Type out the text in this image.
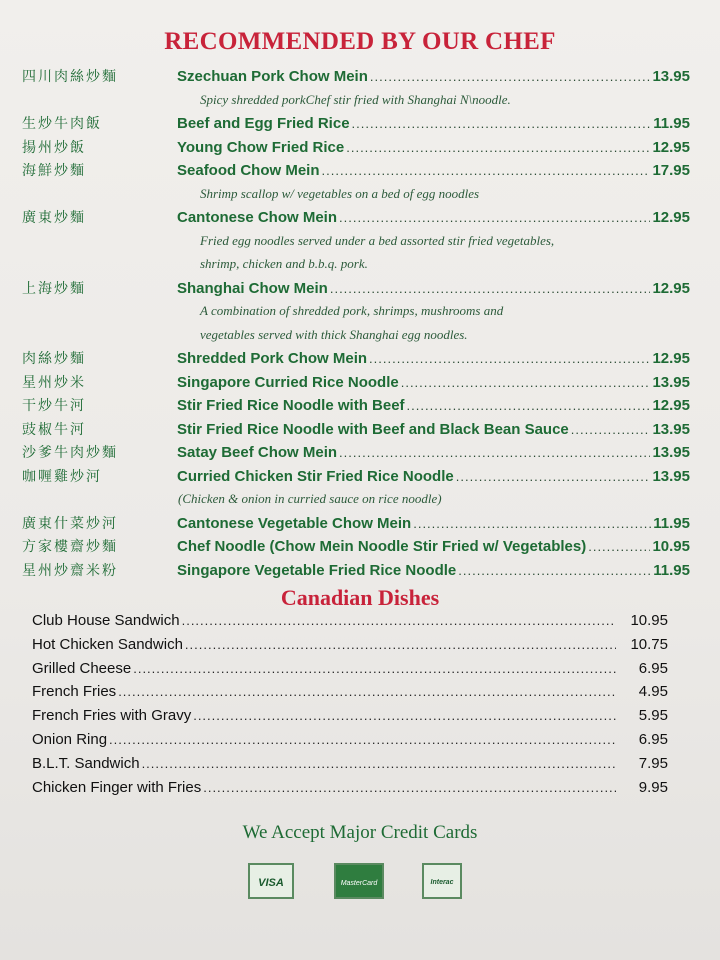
RECOMMENDED BY OUR CHEF
四川肉絲炒麵	Szechuan Pork Chow Mein .....	13.95
Spicy shredded porkChef stir fried with Shanghai N\noodle.
生炒牛肉飯	Beef and Egg Fried Rice .....	11.95
揚州炒飯	Young Chow Fried Rice .....	12.95
海鮮炒麵	Seafood Chow Mein .....	17.95
Shrimp scallop w/ vegetables on a bed of egg noodles
廣東炒麵	Cantonese Chow Mein .....	12.95
Fried egg noodles served under a bed assorted stir fried vegetables,
shrimp, chicken and b.b.q. pork.
上海炒麵	Shanghai Chow Mein .....	12.95
A combination of shredded pork, shrimps, mushrooms and
vegetables served with thick Shanghai egg noodles.
肉絲炒麵	Shredded Pork Chow Mein .....	12.95
星州炒米	Singapore Curried Rice Noodle .....	13.95
干炒牛河	Stir Fried Rice Noodle with Beef .....	12.95
豉椒牛河	Stir Fried Rice Noodle with Beef and Black Bean Sauce .....	13.95
沙爹牛肉炒麵	Satay Beef Chow Mein .....	13.95
咖喱雞炒河	Curried Chicken Stir Fried Rice Noodle .....	13.95
(Chicken & onion in curried sauce on rice noodle)
廣東什菜炒河	Cantonese Vegetable Chow Mein .....	11.95
方家樓齋炒麵	Chef Noodle (Chow Mein Noodle Stir Fried w/ Vegetables) .....	10.95
星州炒齋米粉	Singapore Vegetable Fried Rice Noodle .....	11.95
Canadian Dishes
Club House Sandwich .....	10.95
Hot Chicken Sandwich .....	10.75
Grilled Cheese .....	6.95
French Fries .....	4.95
French Fries with Gravy .....	5.95
Onion Ring .....	6.95
B.L.T. Sandwich .....	7.95
Chicken Finger with Fries .....	9.95
We Accept Major Credit Cards
VISA	MasterCard	Interac
